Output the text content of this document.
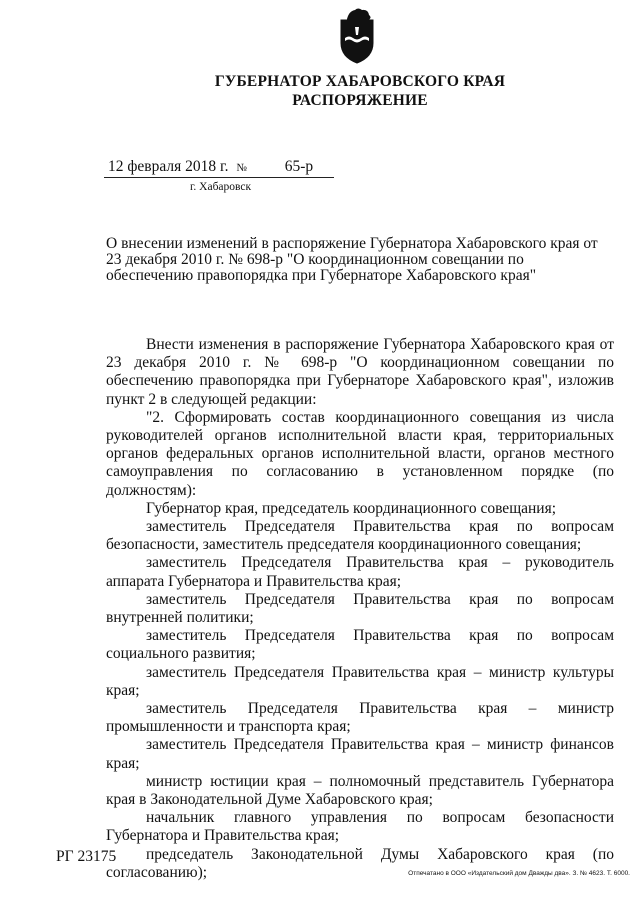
ГУБЕРНАТОР ХАБАРОВСКОГО КРАЯ
РАСПОРЯЖЕНИЕ
12 февраля 2018 г. № 65-р
г. Хабаровск
О внесении изменений в распоряжение Губернатора Хабаровского края от 23 декабря 2010 г. № 698-р "О координационном совещании по обеспечению правопорядка при Губернаторе Хабаровского края"

Внести изменения в распоряжение Губернатора Хабаровского края от 23 декабря 2010 г. № 698-р "О координационном совещании по обеспечению правопорядка при Губернаторе Хабаровского края", изложив пункт 2 в следующей редакции:

"2. Сформировать состав координационного совещания из числа руководителей органов исполнительной власти края, территориальных органов федеральных органов исполнительной власти, органов местного самоуправления по согласованию в установленном порядке (по должностям):

Губернатор края, председатель координационного совещания;

заместитель Председателя Правительства края по вопросам безопасности, заместитель председателя координационного совещания;

заместитель Председателя Правительства края – руководитель аппарата Губернатора и Правительства края;

заместитель Председателя Правительства края по вопросам внутренней политики;

заместитель Председателя Правительства края по вопросам социального развития;

заместитель Председателя Правительства края – министр культуры края;

заместитель Председателя Правительства края – министр промышленности и транспорта края;

заместитель Председателя Правительства края – министр финансов края;

министр юстиции края – полномочный представитель Губернатора края в Законодательной Думе Хабаровского края;

начальник главного управления по вопросам безопасности Губернатора и Правительства края;

председатель Законодательной Думы Хабаровского края (по согласованию);

РГ 23175
Отпечатано в ООО «Издательский дом Дважды два». З. № 4623. Т. 6000.
